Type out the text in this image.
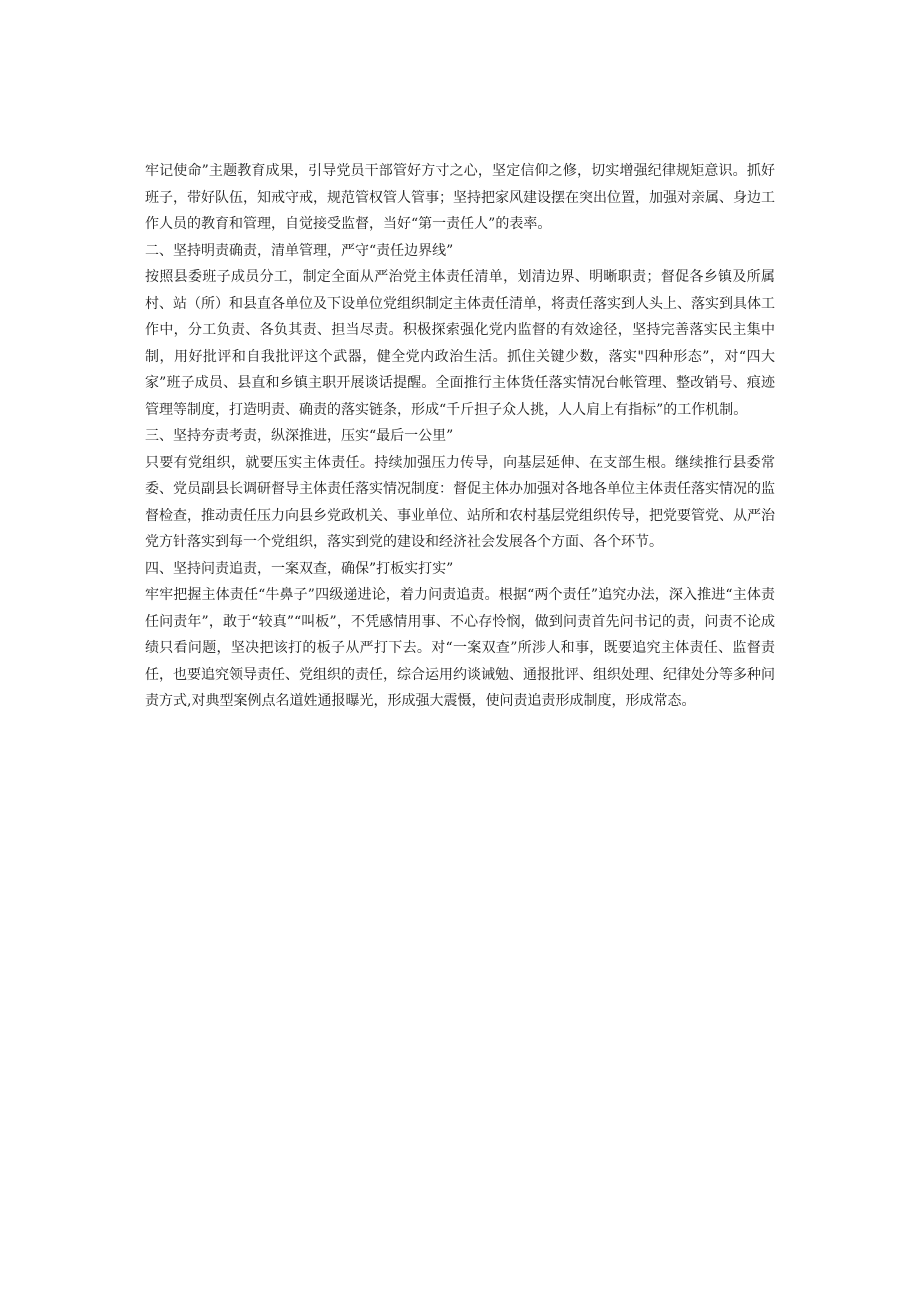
牢记使命”主题教育成果，引导党员干部管好方寸之心，坚定信仰之修，切实增强纪律规矩意识。抓好班子，带好队伍，知戒守戒，规范管权管人管事；坚持把家风建设摆在突出位置，加强对亲属、身边工作人员的教育和管理，自觉接受监督，当好“第一责任人”的表率。

二、坚持明责确责，清单管理，严守“责任边界线”

按照县委班子成员分工，制定全面从严治党主体责任清单，划清边界、明晰职责；督促各乡镇及所属村、站（所）和县直各单位及下设单位党组织制定主体责任清单，将责任落实到人头上、落实到具体工作中，分工负责、各负其责、担当尽责。积极探索强化党内监督的有效途径，坚持完善落实民主集中制，用好批评和自我批评这个武器，健全党内政治生活。抓住关键少数，落实"四种形态”，对“四大家”班子成员、县直和乡镇主职开展谈话提醒。全面推行主体货任落实情况台帐管理、整改销号、痕迹管理等制度，打造明责、确责的落实链条，形成“千斤担子众人挑，人人肩上有指标”的工作机制。

三、坚持夯责考责，纵深推进，压实“最后一公里”

只要有党组织，就要压实主体责任。持续加强压力传导，向基层延伸、在支部生根。继续推行县委常委、党员副县长调研督导主体责任落实情况制度：督促主体办加强对各地各单位主体责任落实情况的监督检查，推动责任压力向县乡党政机关、事业单位、站所和农村基层党组织传导，把党要管党、从严治党方针落实到每一个党组织，落实到党的建设和经济社会发展各个方面、各个环节。

四、坚持问责追责，一案双查，确保”打板实打实”

牢牢把握主体责任“牛鼻子”四级递进论，着力问责追责。根据“两个责任”追究办法，深入推进“主体责任问责年”，敢于“较真”“叫板”，不凭感情用事、不心存怜悯，做到问责首先问书记的责，问责不论成绩只看问题，坚决把该打的板子从严打下去。对“一案双查”所涉人和事，既要追究主体责任、监督责任，也要追究领导责任、党组织的责任，综合运用约谈诫勉、通报批评、组织处理、纪律处分等多种问责方式,对典型案例点名道姓通报曝光，形成强大震慑，使问责追责形成制度，形成常态。
